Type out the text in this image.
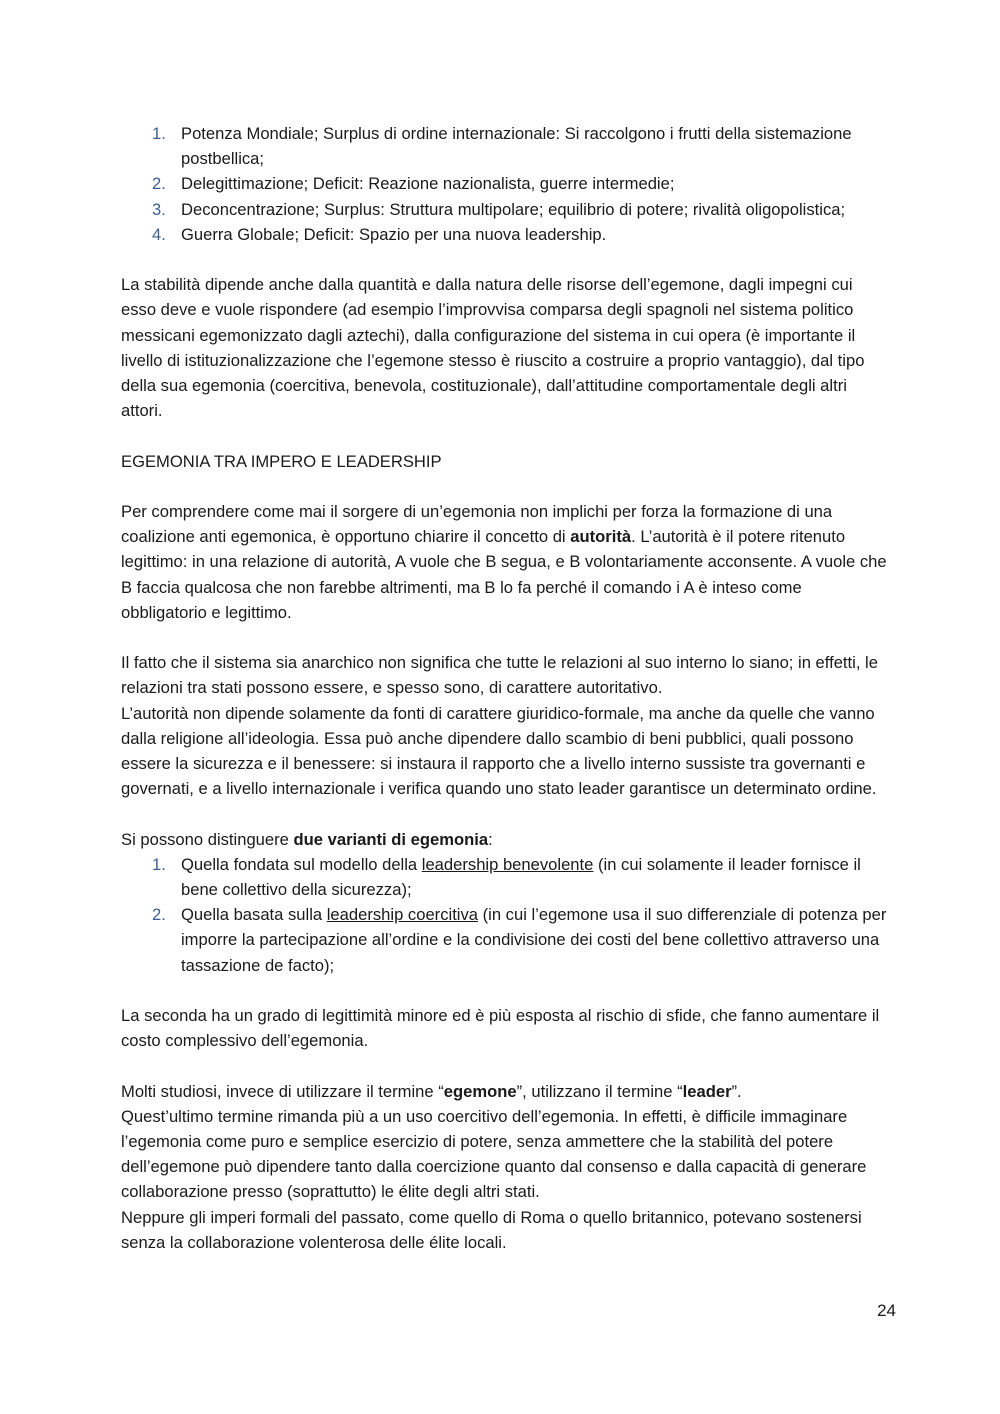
1. Potenza Mondiale; Surplus di ordine internazionale: Si raccolgono i frutti della sistemazione postbellica;
2. Delegittimazione; Deficit: Reazione nazionalista, guerre intermedie;
3. Deconcentrazione; Surplus: Struttura multipolare; equilibrio di potere; rivalità oligopolistica;
4. Guerra Globale; Deficit: Spazio per una nuova leadership.

La stabilità dipende anche dalla quantità e dalla natura delle risorse dell’egemone, dagli impegni cui esso deve e vuole rispondere (ad esempio l’improvvisa comparsa degli spagnoli nel sistema politico messicani egemonizzato dagli aztechi), dalla configurazione del sistema in cui opera (è importante il livello di istituzionalizzazione che l’egemone stesso è riuscito a costruire a proprio vantaggio), dal tipo della sua egemonia (coercitiva, benevola, costituzionale), dall’attitudine comportamentale degli altri attori.

EGEMONIA TRA IMPERO E LEADERSHIP

Per comprendere come mai il sorgere di un’egemonia non implichi per forza la formazione di una coalizione anti egemonica, è opportuno chiarire il concetto di autorità. L’autorità è il potere ritenuto legittimo: in una relazione di autorità, A vuole che B segua, e B volontariamente acconsente. A vuole che B faccia qualcosa che non farebbe altrimenti, ma B lo fa perché il comando i A è inteso come obbligatorio e legittimo.

Il fatto che il sistema sia anarchico non significa che tutte le relazioni al suo interno lo siano; in effetti, le relazioni tra stati possono essere, e spesso sono, di carattere autoritativo.

L’autorità non dipende solamente da fonti di carattere giuridico-formale, ma anche da quelle che vanno dalla religione all’ideologia. Essa può anche dipendere dallo scambio di beni pubblici, quali possono essere la sicurezza e il benessere: si instaura il rapporto che a livello interno sussiste tra governanti e governati, e a livello internazionale i verifica quando uno stato leader garantisce un determinato ordine.

Si possono distinguere due varianti di egemonia:

1. Quella fondata sul modello della leadership benevolente (in cui solamente il leader fornisce il bene collettivo della sicurezza);
2. Quella basata sulla leadership coercitiva (in cui l’egemone usa il suo differenziale di potenza per imporre la partecipazione all’ordine e la condivisione dei costi del bene collettivo attraverso una tassazione de facto);

La seconda ha un grado di legittimità minore ed è più esposta al rischio di sfide, che fanno aumentare il costo complessivo dell’egemonia.

Molti studiosi, invece di utilizzare il termine “egemone”, utilizzano il termine “leader”.

Quest’ultimo termine rimanda più a un uso coercitivo dell’egemonia. In effetti, è difficile immaginare l’egemonia come puro e semplice esercizio di potere, senza ammettere che la stabilità del potere dell’egemone può dipendere tanto dalla coercizione quanto dal consenso e dalla capacità di generare collaborazione presso (soprattutto) le élite degli altri stati.

Neppure gli imperi formali del passato, come quello di Roma o quello britannico, potevano sostenersi senza la collaborazione volenterosa delle élite locali.

24
